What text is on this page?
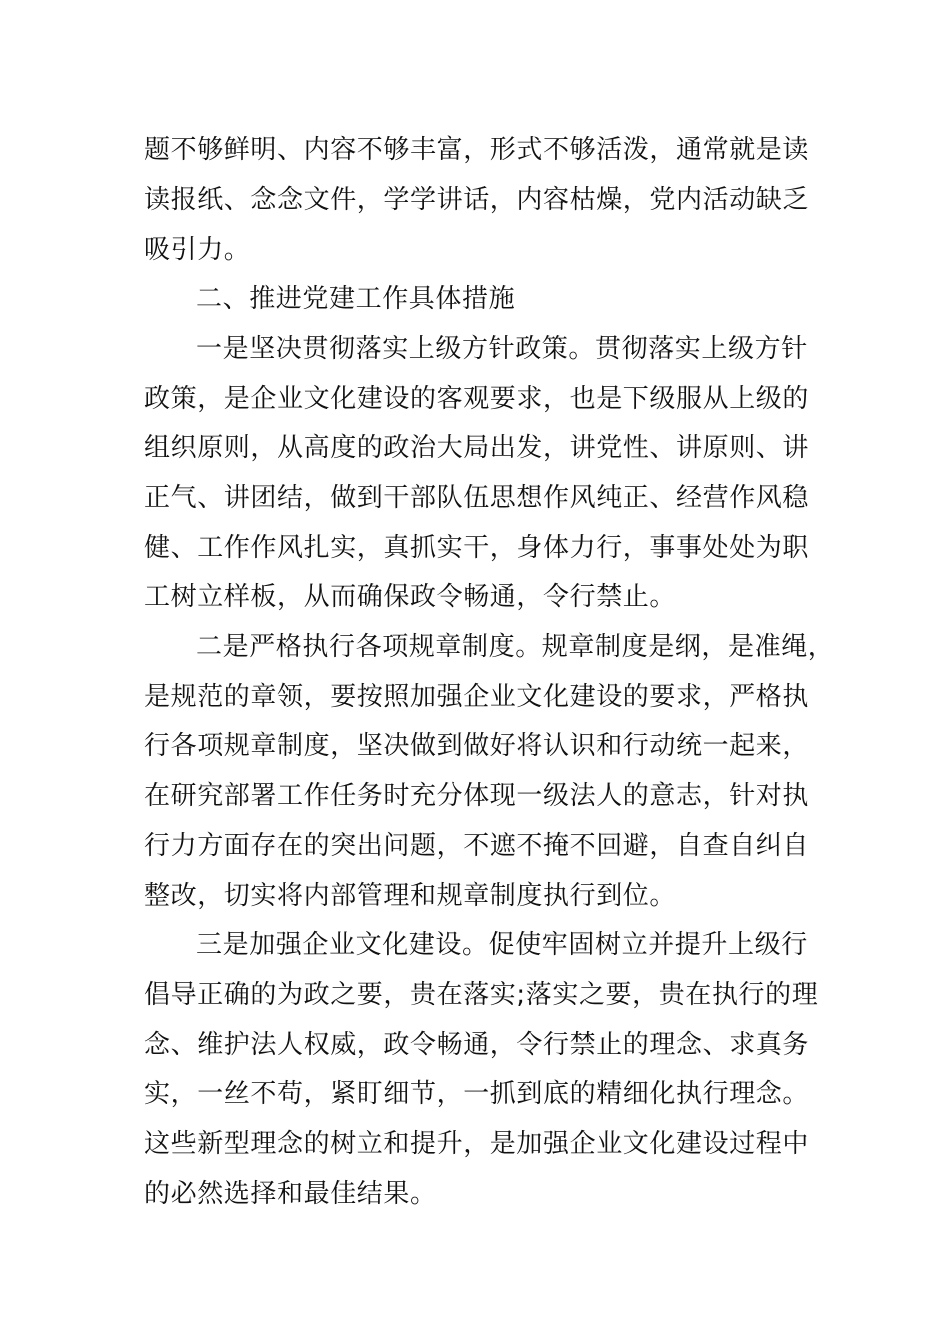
题不够鲜明、内容不够丰富，形式不够活泼，通常就是读
读报纸、念念文件，学学讲话，内容枯燥，党内活动缺乏
吸引力。
二、推进党建工作具体措施
一是坚决贯彻落实上级方针政策。贯彻落实上级方针
政策，是企业文化建设的客观要求，也是下级服从上级的
组织原则，从高度的政治大局出发，讲党性、讲原则、讲
正气、讲团结，做到干部队伍思想作风纯正、经营作风稳
健、工作作风扎实，真抓实干，身体力行，事事处处为职
工树立样板，从而确保政令畅通，令行禁止。
二是严格执行各项规章制度。规章制度是纲，是准绳，
是规范的章领，要按照加强企业文化建设的要求，严格执
行各项规章制度，坚决做到做好将认识和行动统一起来，
在研究部署工作任务时充分体现一级法人的意志，针对执
行力方面存在的突出问题，不遮不掩不回避，自查自纠自
整改，切实将内部管理和规章制度执行到位。
三是加强企业文化建设。促使牢固树立并提升上级行
倡导正确的为政之要，贵在落实;落实之要，贵在执行的理
念、维护法人权威，政令畅通，令行禁止的理念、求真务
实，一丝不苟，紧盯细节，一抓到底的精细化执行理念。
这些新型理念的树立和提升，是加强企业文化建设过程中
的必然选择和最佳结果。
